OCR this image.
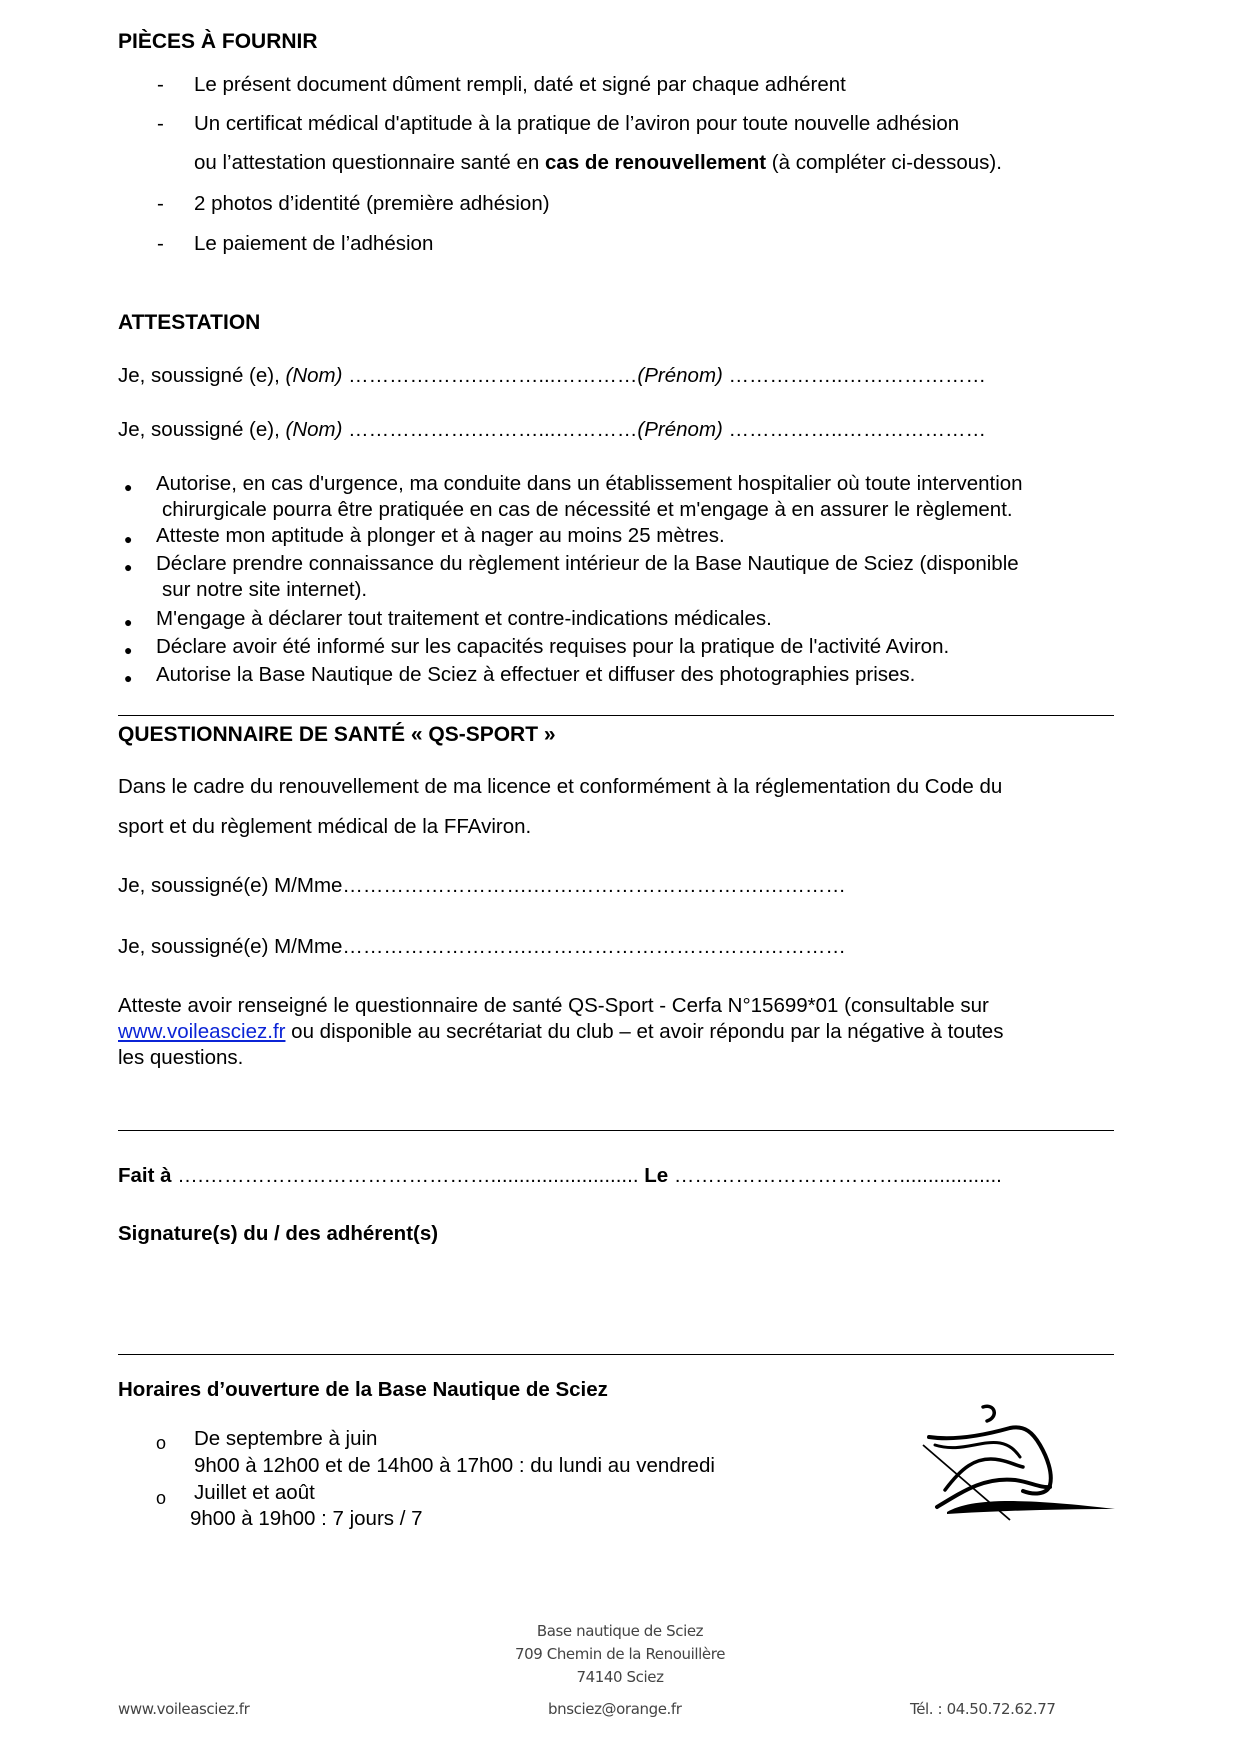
PIÈCES À FOURNIR
- Le présent document dûment rempli, daté et signé par chaque adhérent
- Un certificat médical d'aptitude à la pratique de l’aviron pour toute nouvelle adhésion
ou l’attestation questionnaire santé en cas de renouvellement (à compléter ci-dessous).
- 2 photos d’identité (première adhésion)
- Le paiement de l’adhésion
ATTESTATION
Je, soussigné (e), (Nom) ……………….………...…………(Prénom) ……………..…………………
Je, soussigné (e), (Nom) ……………….………...…………(Prénom) ……………..…………………
● Autorise, en cas d'urgence, ma conduite dans un établissement hospitalier où toute intervention
chirurgicale pourra être pratiquée en cas de nécessité et m'engage à en assurer le règlement.
● Atteste mon aptitude à plonger et à nager au moins 25 mètres.
● Déclare prendre connaissance du règlement intérieur de la Base Nautique de Sciez (disponible
sur notre site internet).
● M'engage à déclarer tout traitement et contre-indications médicales.
● Déclare avoir été informé sur les capacités requises pour la pratique de l'activité Aviron.
● Autorise la Base Nautique de Sciez à effectuer et diffuser des photographies prises.
QUESTIONNAIRE DE SANTÉ « QS-SPORT »
Dans le cadre du renouvellement de ma licence et conformément à la réglementation du Code du
sport et du règlement médical de la FFAviron.
Je, soussigné(e) M/Mme……………………….…………………………….…………
Je, soussigné(e) M/Mme……………………….…………………………….…………
Atteste avoir renseigné le questionnaire de santé QS-Sport - Cerfa N°15699*01 (consultable sur
www.voileasciez.fr ou disponible au secrétariat du club – et avoir répondu par la négative à toutes
les questions.
Fait à ….…………………………………….......................... Le ……………………………..................
Signature(s) du / des adhérent(s)
Horaires d’ouverture de la Base Nautique de Sciez
o De septembre à juin
9h00 à 12h00 et de 14h00 à 17h00 : du lundi au vendredi
o Juillet et août
9h00 à 19h00 : 7 jours / 7
Base nautique de Sciez
709 Chemin de la Renouillère
74140 Sciez
www.voileasciez.fr	bnsciez@orange.fr	Tél. : 04.50.72.62.77
